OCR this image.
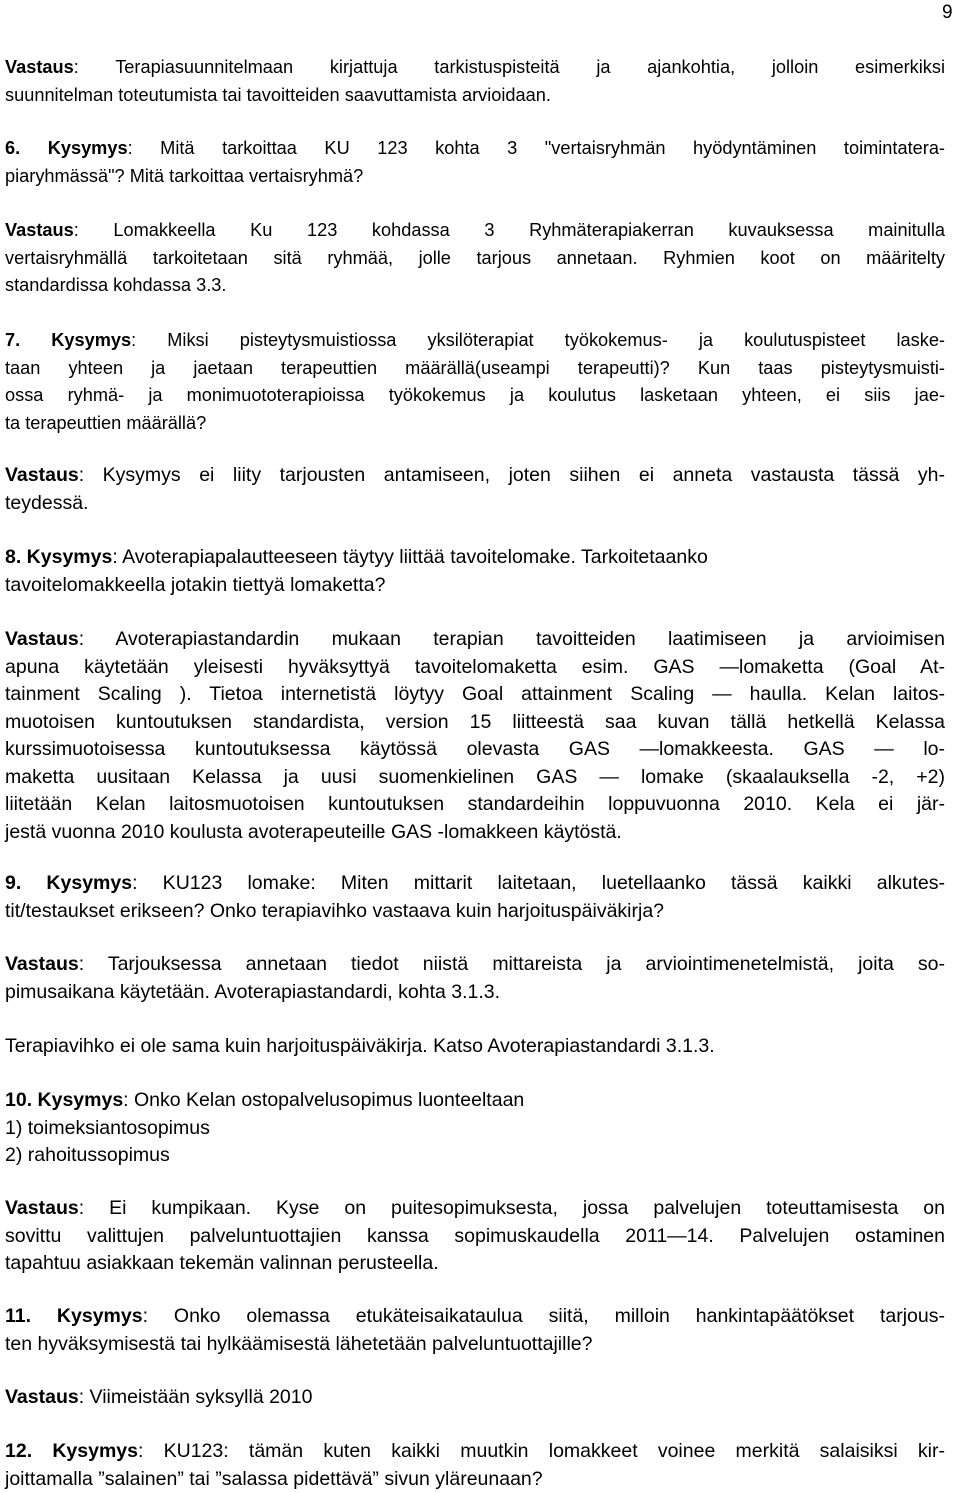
9
Vastaus: Terapiasuunnitelmaan kirjattuja tarkistuspisteitä ja ajankohtia, jolloin esimerkiksi
suunnitelman toteutumista tai tavoitteiden saavuttamista arvioidaan.
6. Kysymys: Mitä tarkoittaa KU 123 kohta 3 "vertaisryhmän hyödyntäminen toimintatera-
piaryhmässä"? Mitä tarkoittaa vertaisryhmä?
Vastaus: Lomakkeella Ku 123 kohdassa 3 Ryhmäterapiakerran kuvauksessa mainitulla
vertaisryhmällä tarkoitetaan sitä ryhmää, jolle tarjous annetaan. Ryhmien koot on määritelty
standardissa kohdassa 3.3.
7. Kysymys: Miksi pisteytysmuistiossa yksilöterapiat työkokemus- ja koulutuspisteet laske-
taan yhteen ja jaetaan terapeuttien määrällä(useampi terapeutti)? Kun taas pisteytysmuisti-
ossa ryhmä- ja monimuototerapioissa työkokemus ja koulutus lasketaan yhteen, ei siis jae-
ta terapeuttien määrällä?
Vastaus: Kysymys ei liity tarjousten antamiseen, joten siihen ei anneta vastausta tässä yh-
teydessä.
8. Kysymys: Avoterapiapalautteeseen täytyy liittää tavoitelomake. Tarkoitetaanko
tavoitelomakkeella jotakin tiettyä lomaketta?
Vastaus: Avoterapiastandardin mukaan terapian tavoitteiden laatimiseen ja arvioimisen
apuna käytetään yleisesti hyväksyttyä tavoitelomaketta esim. GAS —lomaketta (Goal At-
tainment Scaling ). Tietoa internetistä löytyy Goal attainment Scaling — haulla. Kelan laitos-
muotoisen kuntoutuksen standardista, version 15 liitteestä saa kuvan tällä hetkellä Kelassa
kurssimuotoisessa kuntoutuksessa käytössä olevasta GAS —lomakkeesta. GAS — lo-
maketta uusitaan Kelassa ja uusi suomenkielinen GAS — lomake (skaalauksella -2, +2)
liitetään Kelan laitosmuotoisen kuntoutuksen standardeihin loppuvuonna 2010. Kela ei jär-
jestä vuonna 2010 koulusta avoterapeuteille GAS -lomakkeen käytöstä.
9. Kysymys: KU123 lomake: Miten mittarit laitetaan, luetellaanko tässä kaikki alkutes-
tit/testaukset erikseen? Onko terapiavihko vastaava kuin harjoituspäiväkirja?
Vastaus: Tarjouksessa annetaan tiedot niistä mittareista ja arviointimenetelmistä, joita so-
pimusaikana käytetään. Avoterapiastandardi, kohta 3.1.3.
Terapiavihko ei ole sama kuin harjoituspäiväkirja. Katso Avoterapiastandardi 3.1.3.
10. Kysymys: Onko Kelan ostopalvelusopimus luonteeltaan
1) toimeksiantosopimus
2) rahoitussopimus
Vastaus: Ei kumpikaan. Kyse on puitesopimuksesta, jossa palvelujen toteuttamisesta on
sovittu valittujen palveluntuottajien kanssa sopimuskaudella 2011—14. Palvelujen ostaminen
tapahtuu asiakkaan tekemän valinnan perusteella.
11. Kysymys: Onko olemassa etukäteisaikataulua siitä, milloin hankintapäätökset tarjous-
ten hyväksymisestä tai hylkäämisestä lähetetään palveluntuottajille?
Vastaus: Viimeistään syksyllä 2010
12. Kysymys: KU123: tämän kuten kaikki muutkin lomakkeet voinee merkitä salaisiksi kir-
joittamalla ”salainen” tai ”salassa pidettävä” sivun yläreunaan?
